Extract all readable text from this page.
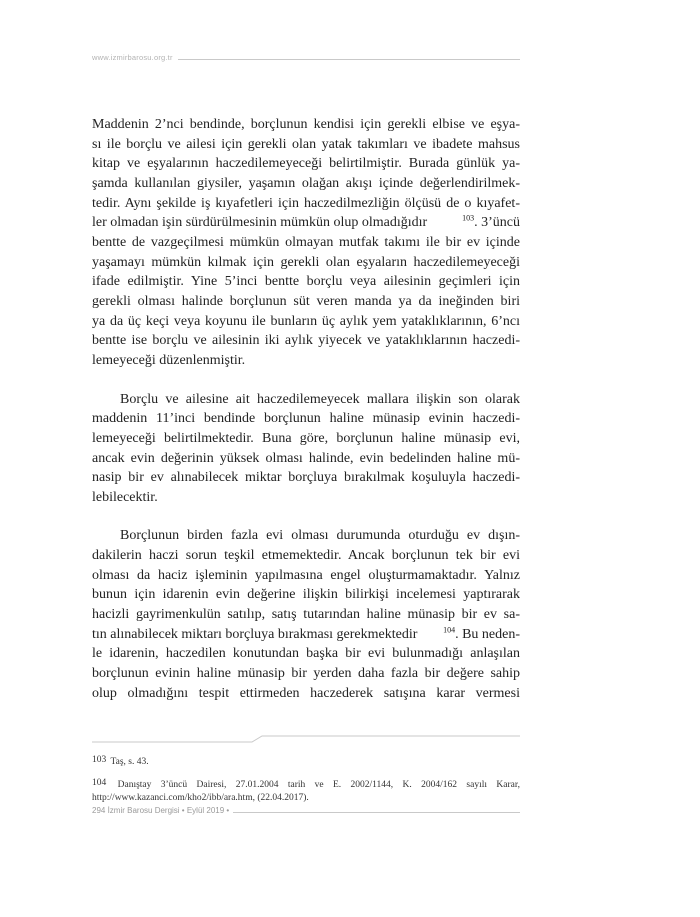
www.izmirbarosu.org.tr
Maddenin 2’nci bendinde, borçlunun kendisi için gerekli elbise ve eşya-
sı ile borçlu ve ailesi için gerekli olan yatak takımları ve ibadete mahsus
kitap ve eşyalarının haczedilemeyeceği belirtilmiştir. Burada günlük ya-
şamda kullanılan giysiler, yaşamın olağan akışı içinde değerlendirilmek-
tedir. Aynı şekilde iş kıyafetleri için haczedilmezliğin ölçüsü de o kıyafet-
ler olmadan işin sürdürülmesinin mümkün olup olmadığıdır	$^{103}$. 3’üncü
bentte de vazgeçilmesi mümkün olmayan mutfak takımı ile bir ev içinde
yaşamayı mümkün kılmak için gerekli olan eşyaların haczedilemeyeceği
ifade edilmiştir. Yine 5’inci bentte borçlu veya ailesinin geçimleri için
gerekli olması halinde borçlunun süt veren manda ya da ineğinden biri
ya da üç keçi veya koyunu ile bunların üç aylık yem yataklıklarının, 6’ncı
bentte ise borçlu ve ailesinin iki aylık yiyecek ve yataklıklarının haczedi-
lemeyeceği düzenlenmiştir.
Borçlu ve ailesine ait haczedilemeyecek mallara ilişkin son olarak
maddenin 11’inci bendinde borçlunun haline münasip evinin haczedi-
lemeyeceği belirtilmektedir. Buna göre, borçlunun haline münasip evi,
ancak evin değerinin yüksek olması halinde, evin bedelinden haline mü-
nasip bir ev alınabilecek miktar borçluya bırakılmak koşuluyla haczedi-
lebilecektir.
Borçlunun birden fazla evi olması durumunda oturduğu ev dışın-
dakilerin haczi sorun teşkil etmemektedir. Ancak borçlunun tek bir evi
olması da haciz işleminin yapılmasına engel oluşturmamaktadır. Yalnız
bunun için idarenin evin değerine ilişkin bilirkişi incelemesi yaptırarak
hacizli gayrimenkulün satılıp, satış tutarından haline münasip bir ev sa-
tın alınabilecek miktarı borçluya bırakması gerekmektedir	$^{104}$. Bu neden-
le idarenin, haczedilen konutundan başka bir evi bulunmadığı anlaşılan
borçlunun evinin haline münasip bir yerden daha fazla bir değere sahip
olup olmadığını tespit ettirmeden haczederek satışına karar vermesi

103 Taş, s. 43.

104 Danıştay 3’üncü Dairesi, 27.01.2004 tarih ve E. 2002/1144, K. 2004/162 sayılı Karar, http://www.kazanci.com/kho2/ibb/ara.htm, (22.04.2017).

294 İzmir Barosu Dergisi • Eylül 2019 •
